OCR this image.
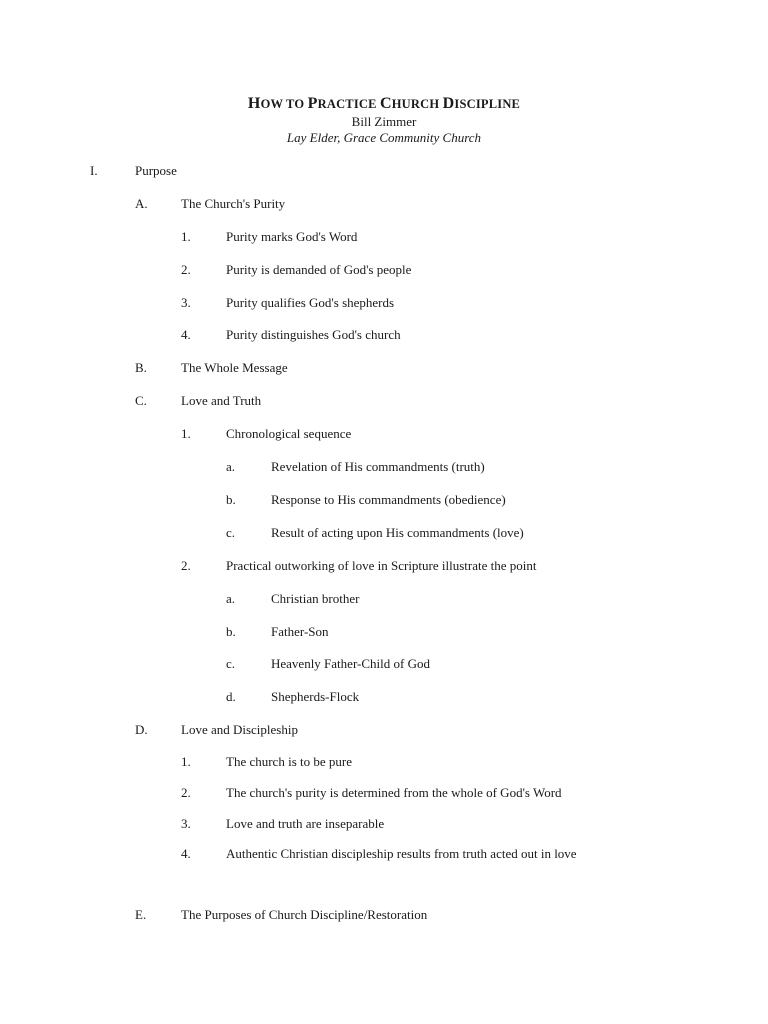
HOW TO PRACTICE CHURCH DISCIPLINE
Bill Zimmer
Lay Elder, Grace Community Church
I.	Purpose
A.	The Church's Purity
1.	Purity marks God's Word
2.	Purity is demanded of God's people
3.	Purity qualifies God's shepherds
4.	Purity distinguishes God's church
B.	The Whole Message
C.	Love and Truth
1.	Chronological sequence
a.	Revelation of His commandments (truth)
b.	Response to His commandments (obedience)
c.	Result of acting upon His commandments (love)
2.	Practical outworking of love in Scripture illustrate the point
a.	Christian brother
b.	Father-Son
c.	Heavenly Father-Child of God
d.	Shepherds-Flock
D.	Love and Discipleship
1.	The church is to be pure
2.	The church's purity is determined from the whole of God's Word
3.	Love and truth are inseparable
4.	Authentic Christian discipleship results from truth acted out in love
E.	The Purposes of Church Discipline/Restoration
